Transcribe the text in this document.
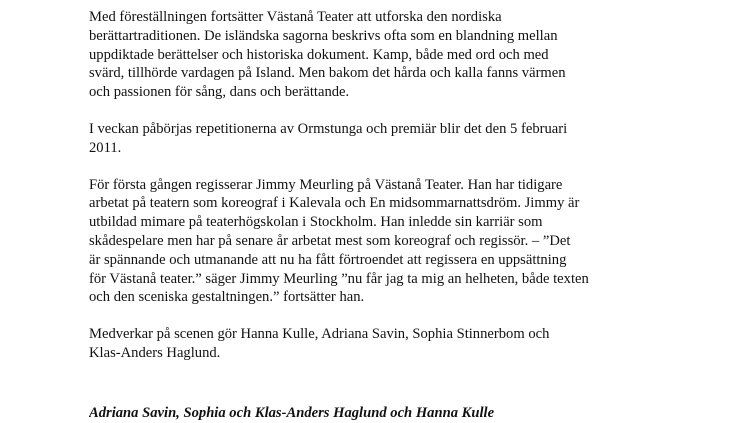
Med föreställningen fortsätter Västanå Teater att utforska den nordiska
berättartraditionen. De isländska sagorna beskrivs ofta som en blandning mellan
uppdiktade berättelser och historiska dokument. Kamp, både med ord och med
svärd, tillhörde vardagen på Island. Men bakom det hårda och kalla fanns värmen
och passionen för sång, dans och berättande.

I veckan påbörjas repetitionerna av Ormstunga och premiär blir det den 5 februari
2011.

För första gången regisserar Jimmy Meurling på Västanå Teater. Han har tidigare
arbetat på teatern som koreograf i Kalevala och En midsommarnattsdröm. Jimmy är
utbildad mimare på teaterhögskolan i Stockholm. Han inledde sin karriär som
skådespelare men har på senare år arbetat mest som koreograf och regissör. – ”Det
är spännande och utmanande att nu ha fått förtroendet att regissera en uppsättning
för Västanå teater.” säger Jimmy Meurling ”nu får jag ta mig an helheten, både texten
och den sceniska gestaltningen.” fortsätter han.

Medverkar på scenen gör Hanna Kulle, Adriana Savin, Sophia Stinnerbom och
Klas-Anders Haglund.

Adriana Savin, Sophia och Klas-Anders Haglund och Hanna Kulle
